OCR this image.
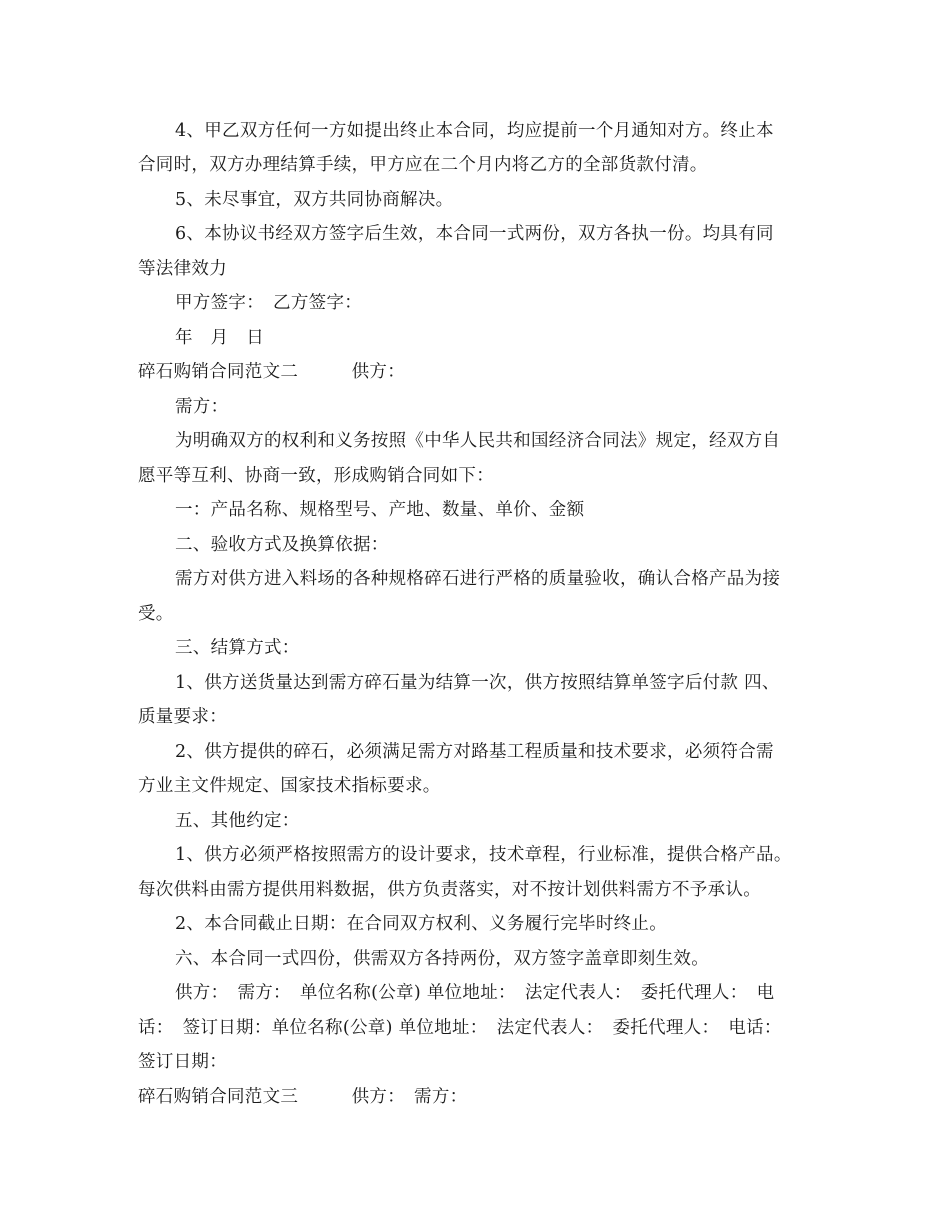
4、甲乙双方任何一方如提出终止本合同，均应提前一个月通知对方。终止本
合同时，双方办理结算手续，甲方应在二个月内将乙方的全部货款付清。
5、未尽事宜，双方共同协商解决。
6、本协议书经双方签字后生效，本合同一式两份，双方各执一份。均具有同
等法律效力
甲方签字：　乙方签字：
年　月　日
碎石购销合同范文二　　　供方：
需方：
为明确双方的权利和义务按照《中华人民共和国经济合同法》规定，经双方自
愿平等互利、协商一致，形成购销合同如下：
一：产品名称、规格型号、产地、数量、单价、金额
二、验收方式及换算依据：
需方对供方进入料场的各种规格碎石进行严格的质量验收，确认合格产品为接
受。
三、结算方式：
1、供方送货量达到需方碎石量为结算一次，供方按照结算单签字后付款 四、
质量要求：
2、供方提供的碎石，必须满足需方对路基工程质量和技术要求，必须符合需
方业主文件规定、国家技术指标要求。
五、其他约定：
1、供方必须严格按照需方的设计要求，技术章程，行业标准，提供合格产品。
每次供料由需方提供用料数据，供方负责落实，对不按计划供料需方不予承认。
2、本合同截止日期：在合同双方权利、义务履行完毕时终止。
六、本合同一式四份，供需双方各持两份，双方签字盖章即刻生效。
供方：　需方：　单位名称(公章) 单位地址：　法定代表人：　委托代理人：　电
话：　签订日期：单位名称(公章) 单位地址：　法定代表人：　委托代理人：　电话：
签订日期：
碎石购销合同范文三　　　供方：　需方：
